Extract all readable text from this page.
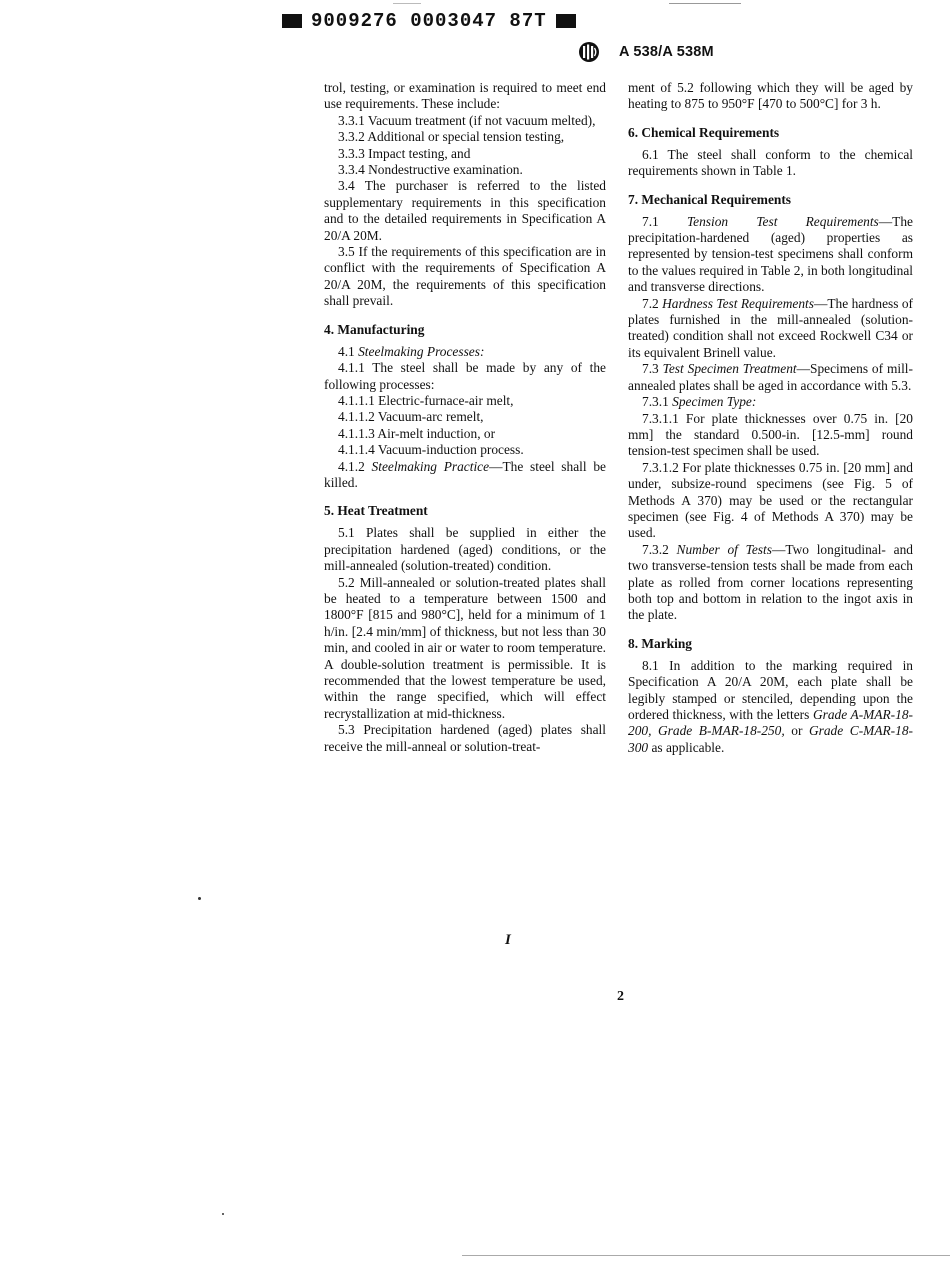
9009276 0003047 87T
A 538/A 538M

trol, testing, or examination is required to meet end use requirements. These include:

3.3.1 Vacuum treatment (if not vacuum melted),

3.3.2 Additional or special tension testing,

3.3.3 Impact testing, and

3.3.4 Nondestructive examination.

3.4 The purchaser is referred to the listed supplementary requirements in this specification and to the detailed requirements in Specification A 20/A 20M.

3.5 If the requirements of this specification are in conflict with the requirements of Specification A 20/A 20M, the requirements of this specification shall prevail.

4. Manufacturing

4.1 Steelmaking Processes:

4.1.1 The steel shall be made by any of the following processes:

4.1.1.1 Electric-furnace-air melt,

4.1.1.2 Vacuum-arc remelt,

4.1.1.3 Air-melt induction, or

4.1.1.4 Vacuum-induction process.

4.1.2 Steelmaking Practice—The steel shall be killed.

5. Heat Treatment

5.1 Plates shall be supplied in either the precipitation hardened (aged) conditions, or the mill-annealed (solution-treated) condition.

5.2 Mill-annealed or solution-treated plates shall be heated to a temperature between 1500 and 1800°F [815 and 980°C], held for a minimum of 1 h/in. [2.4 min/mm] of thickness, but not less than 30 min, and cooled in air or water to room temperature. A double-solution treatment is permissible. It is recommended that the lowest temperature be used, within the range specified, which will effect recrystallization at mid-thickness.

5.3 Precipitation hardened (aged) plates shall receive the mill-anneal or solution-treat-

ment of 5.2 following which they will be aged by heating to 875 to 950°F [470 to 500°C] for 3 h.

6. Chemical Requirements

6.1 The steel shall conform to the chemical requirements shown in Table 1.

7. Mechanical Requirements

7.1 Tension Test Requirements—The precipitation-hardened (aged) properties as represented by tension-test specimens shall conform to the values required in Table 2, in both longitudinal and transverse directions.

7.2 Hardness Test Requirements—The hardness of plates furnished in the mill-annealed (solution-treated) condition shall not exceed Rockwell C34 or its equivalent Brinell value.

7.3 Test Specimen Treatment—Specimens of mill-annealed plates shall be aged in accordance with 5.3.

7.3.1 Specimen Type:

7.3.1.1 For plate thicknesses over 0.75 in. [20 mm] the standard 0.500-in. [12.5-mm] round tension-test specimen shall be used.

7.3.1.2 For plate thicknesses 0.75 in. [20 mm] and under, subsize-round specimens (see Fig. 5 of Methods A 370) may be used or the rectangular specimen (see Fig. 4 of Methods A 370) may be used.

7.3.2 Number of Tests—Two longitudinal- and two transverse-tension tests shall be made from each plate as rolled from corner locations representing both top and bottom in relation to the ingot axis in the plate.

8. Marking

8.1 In addition to the marking required in Specification A 20/A 20M, each plate shall be legibly stamped or stenciled, depending upon the ordered thickness, with the letters Grade A-MAR-18-200, Grade B-MAR-18-250, or Grade C-MAR-18-300 as applicable.

I
2
